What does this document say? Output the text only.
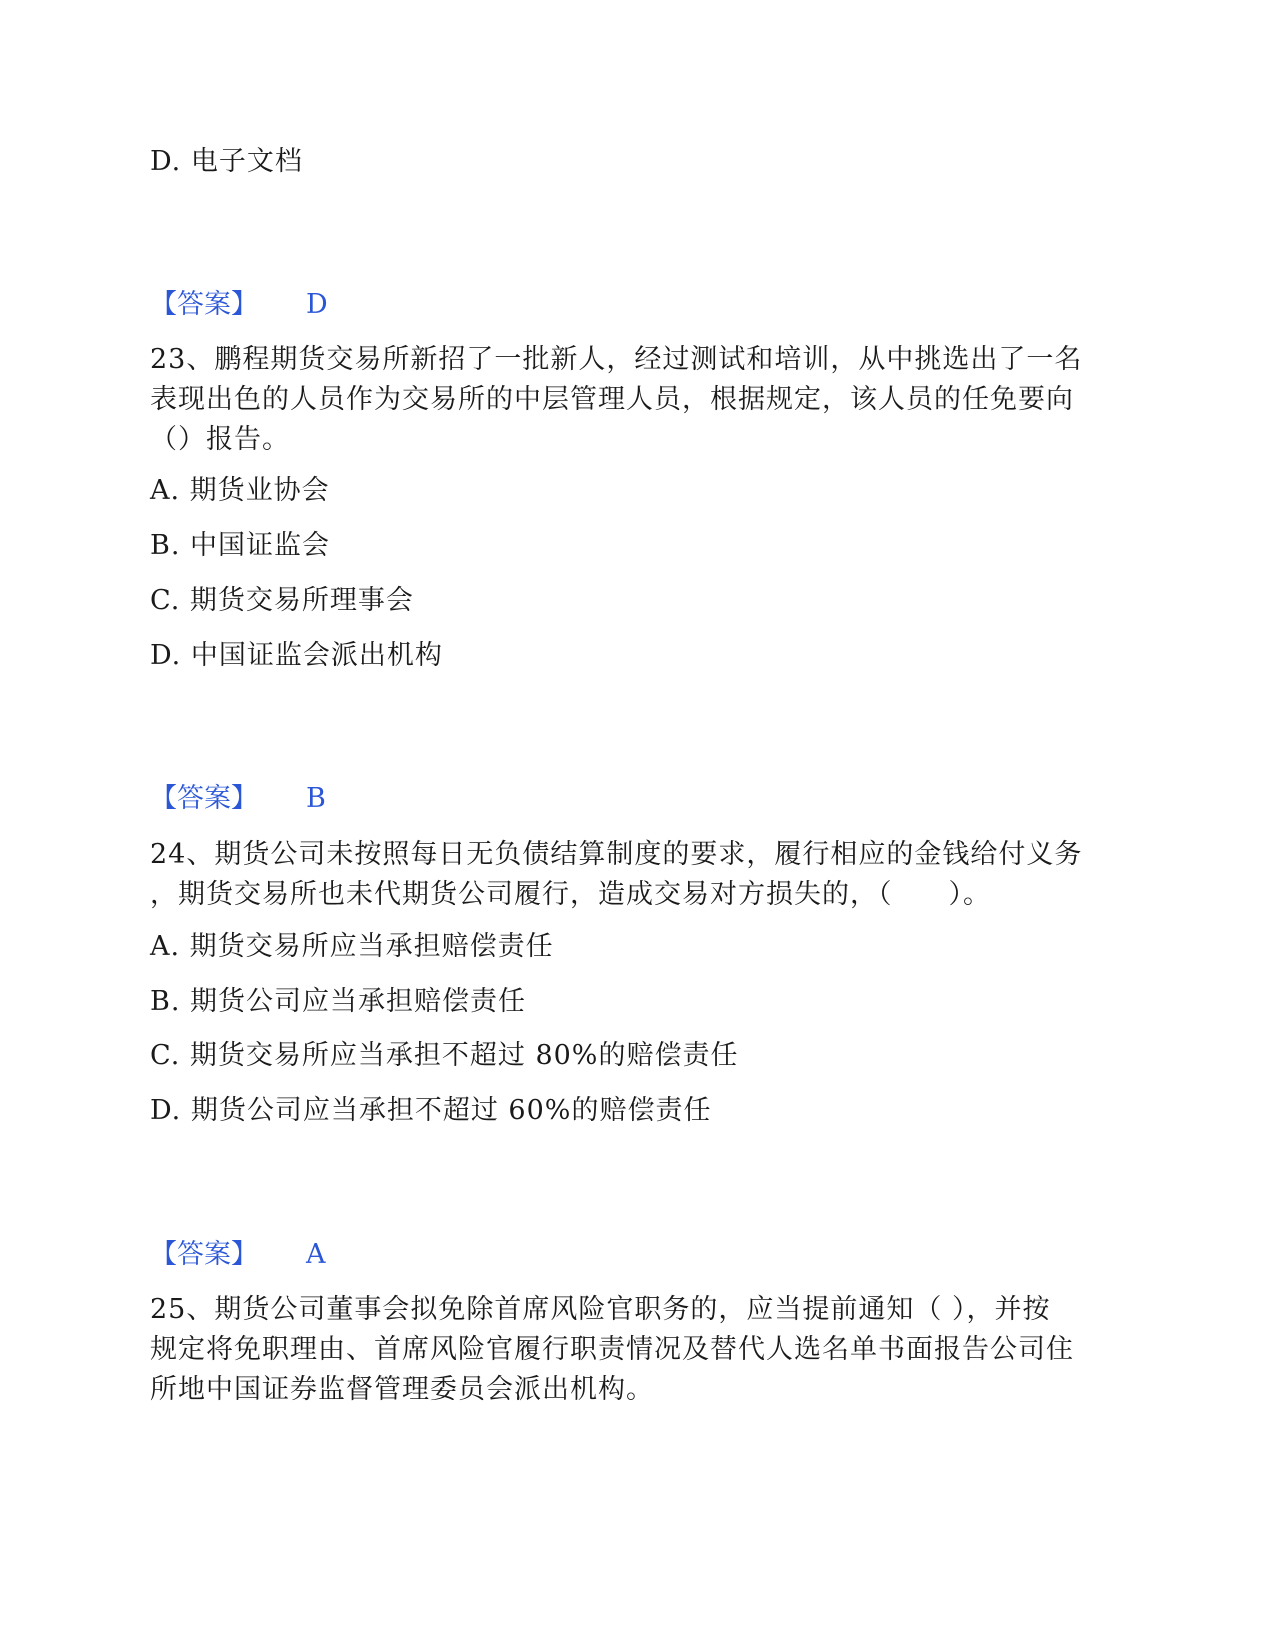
D. 电子文档
【答案】 D
23、鹏程期货交易所新招了一批新人，经过测试和培训，从中挑选出了一名
表现出色的人员作为交易所的中层管理人员，根据规定，该人员的任免要向
（）报告。
A. 期货业协会
B. 中国证监会
C. 期货交易所理事会
D. 中国证监会派出机构
【答案】 B
24、期货公司未按照每日无负债结算制度的要求，履行相应的金钱给付义务
，期货交易所也未代期货公司履行，造成交易对方损失的，（　　）。
A. 期货交易所应当承担赔偿责任
B. 期货公司应当承担赔偿责任
C. 期货交易所应当承担不超过 80%的赔偿责任
D. 期货公司应当承担不超过 60%的赔偿责任
【答案】 A
25、期货公司董事会拟免除首席风险官职务的，应当提前通知（ ），并按
规定将免职理由、首席风险官履行职责情况及替代人选名单书面报告公司住
所地中国证券监督管理委员会派出机构。
